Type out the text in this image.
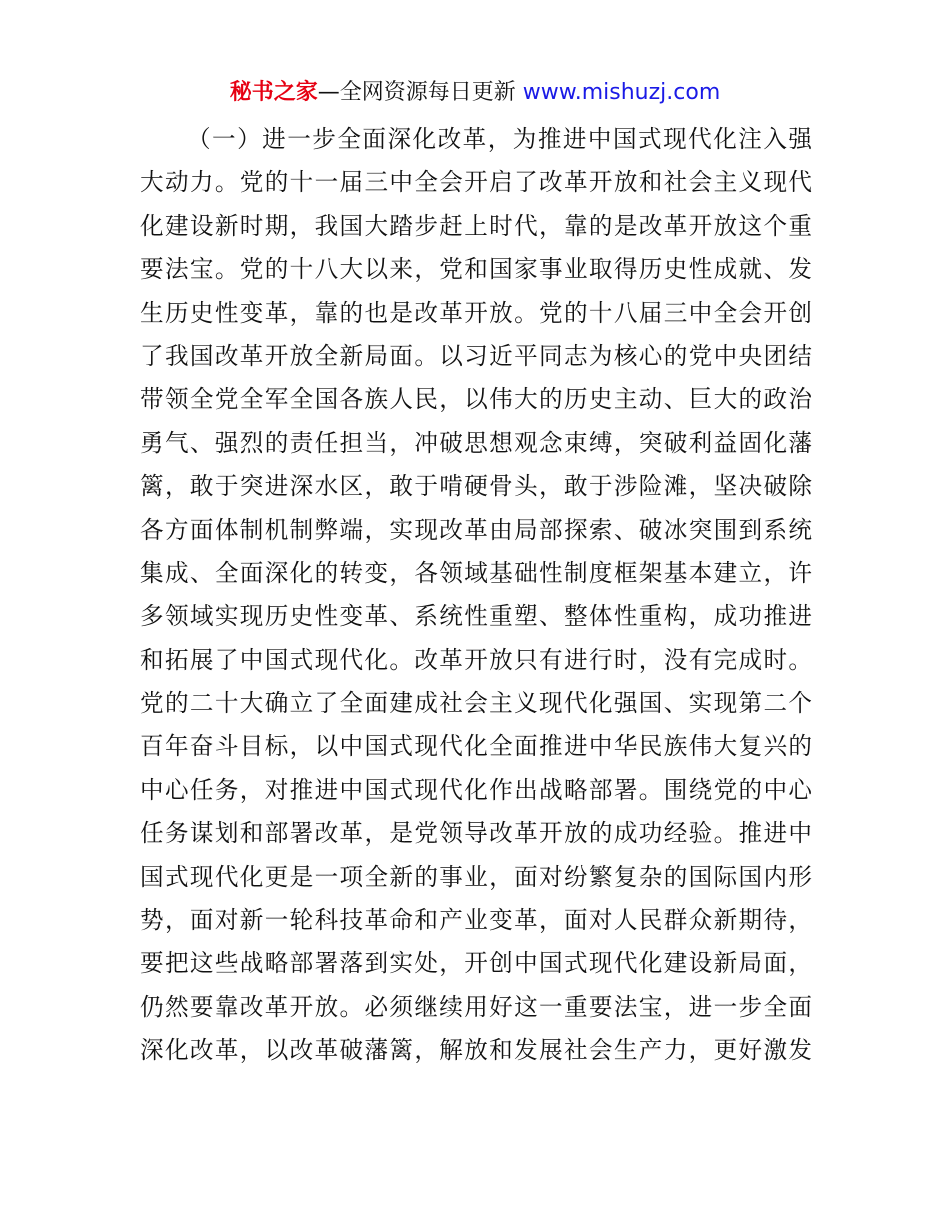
秘书之家—全网资源每日更新 www.mishuzj.com
（一）进一步全面深化改革，为推进中国式现代化注入强
大动力。党的十一届三中全会开启了改革开放和社会主义现代
化建设新时期，我国大踏步赶上时代，靠的是改革开放这个重
要法宝。党的十八大以来，党和国家事业取得历史性成就、发
生历史性变革，靠的也是改革开放。党的十八届三中全会开创
了我国改革开放全新局面。以习近平同志为核心的党中央团结
带领全党全军全国各族人民，以伟大的历史主动、巨大的政治
勇气、强烈的责任担当，冲破思想观念束缚，突破利益固化藩
篱，敢于突进深水区，敢于啃硬骨头，敢于涉险滩，坚决破除
各方面体制机制弊端，实现改革由局部探索、破冰突围到系统
集成、全面深化的转变，各领域基础性制度框架基本建立，许
多领域实现历史性变革、系统性重塑、整体性重构，成功推进
和拓展了中国式现代化。改革开放只有进行时，没有完成时。
党的二十大确立了全面建成社会主义现代化强国、实现第二个
百年奋斗目标，以中国式现代化全面推进中华民族伟大复兴的
中心任务，对推进中国式现代化作出战略部署。围绕党的中心
任务谋划和部署改革，是党领导改革开放的成功经验。推进中
国式现代化更是一项全新的事业，面对纷繁复杂的国际国内形
势，面对新一轮科技革命和产业变革，面对人民群众新期待，
要把这些战略部署落到实处，开创中国式现代化建设新局面，
仍然要靠改革开放。必须继续用好这一重要法宝，进一步全面
深化改革，以改革破藩篱，解放和发展社会生产力，更好激发
